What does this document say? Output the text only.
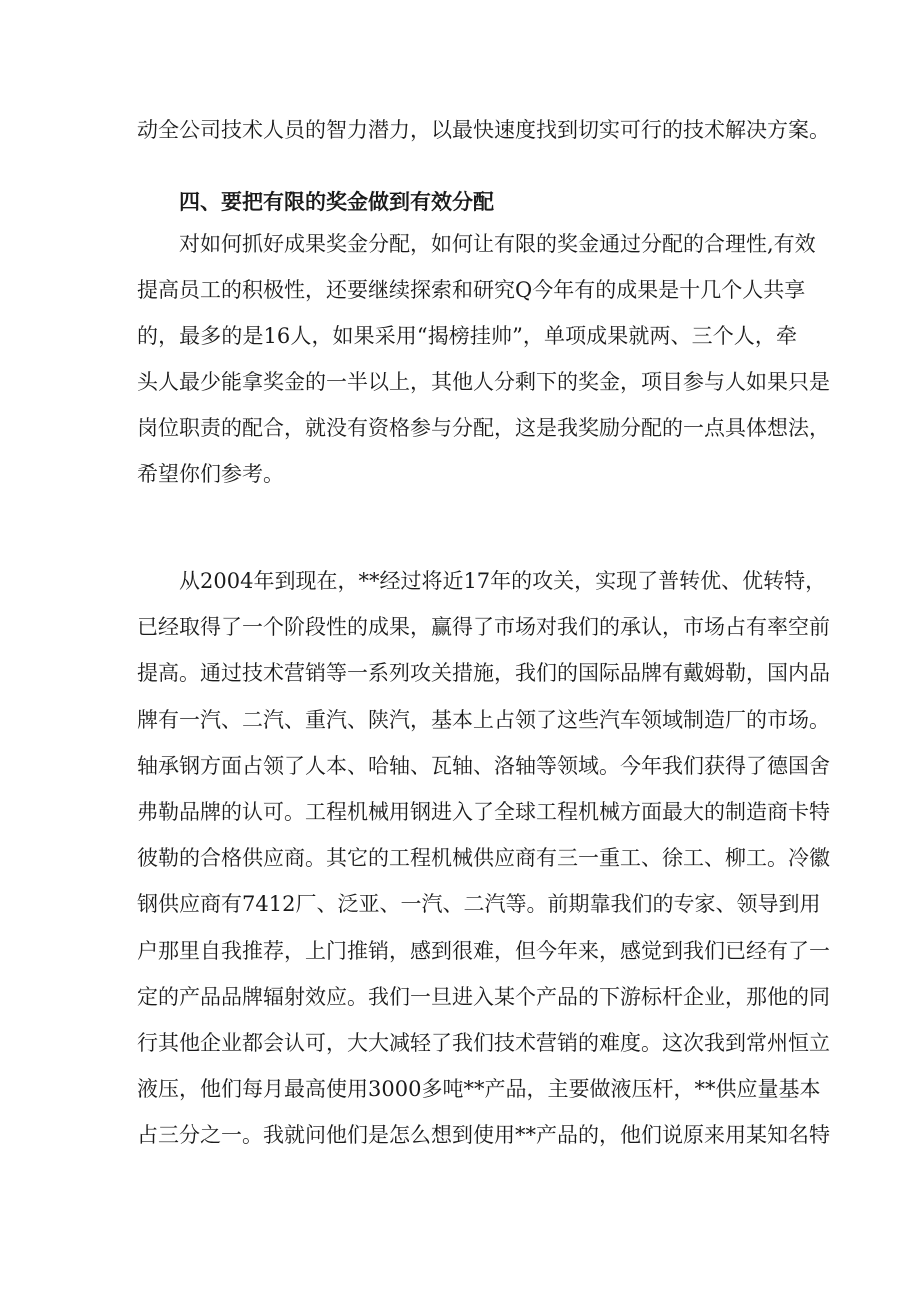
动全公司技术人员的智力潜力，以最快速度找到切实可行的技术解决方案。
四、要把有限的奖金做到有效分配
对如何抓好成果奖金分配，如何让有限的奖金通过分配的合理性,有效
提高员工的积极性，还要继续探索和研究Q今年有的成果是十几个人共享
的，最多的是16人，如果采用“揭榜挂帅”，单项成果就两、三个人，牵
头人最少能拿奖金的一半以上，其他人分剩下的奖金，项目参与人如果只是
岗位职责的配合，就没有资格参与分配，这是我奖励分配的一点具体想法，
希望你们参考。
从2004年到现在，**经过将近17年的攻关，实现了普转优、优转特，
已经取得了一个阶段性的成果，赢得了市场对我们的承认，市场占有率空前
提高。通过技术营销等一系列攻关措施，我们的国际品牌有戴姆勒，国内品
牌有一汽、二汽、重汽、陕汽，基本上占领了这些汽车领域制造厂的市场。
轴承钢方面占领了人本、哈轴、瓦轴、洛轴等领域。今年我们获得了德国舍
弗勒品牌的认可。工程机械用钢进入了全球工程机械方面最大的制造商卡特
彼勒的合格供应商。其它的工程机械供应商有三一重工、徐工、柳工。冷徽
钢供应商有7412厂、泛亚、一汽、二汽等。前期靠我们的专家、领导到用
户那里自我推荐，上门推销，感到很难，但今年来，感觉到我们已经有了一
定的产品品牌辐射效应。我们一旦进入某个产品的下游标杆企业，那他的同
行其他企业都会认可，大大减轻了我们技术营销的难度。这次我到常州恒立
液压，他们每月最高使用3000多吨**产品，主要做液压杆，**供应量基本
占三分之一。我就问他们是怎么想到使用**产品的，他们说原来用某知名特
